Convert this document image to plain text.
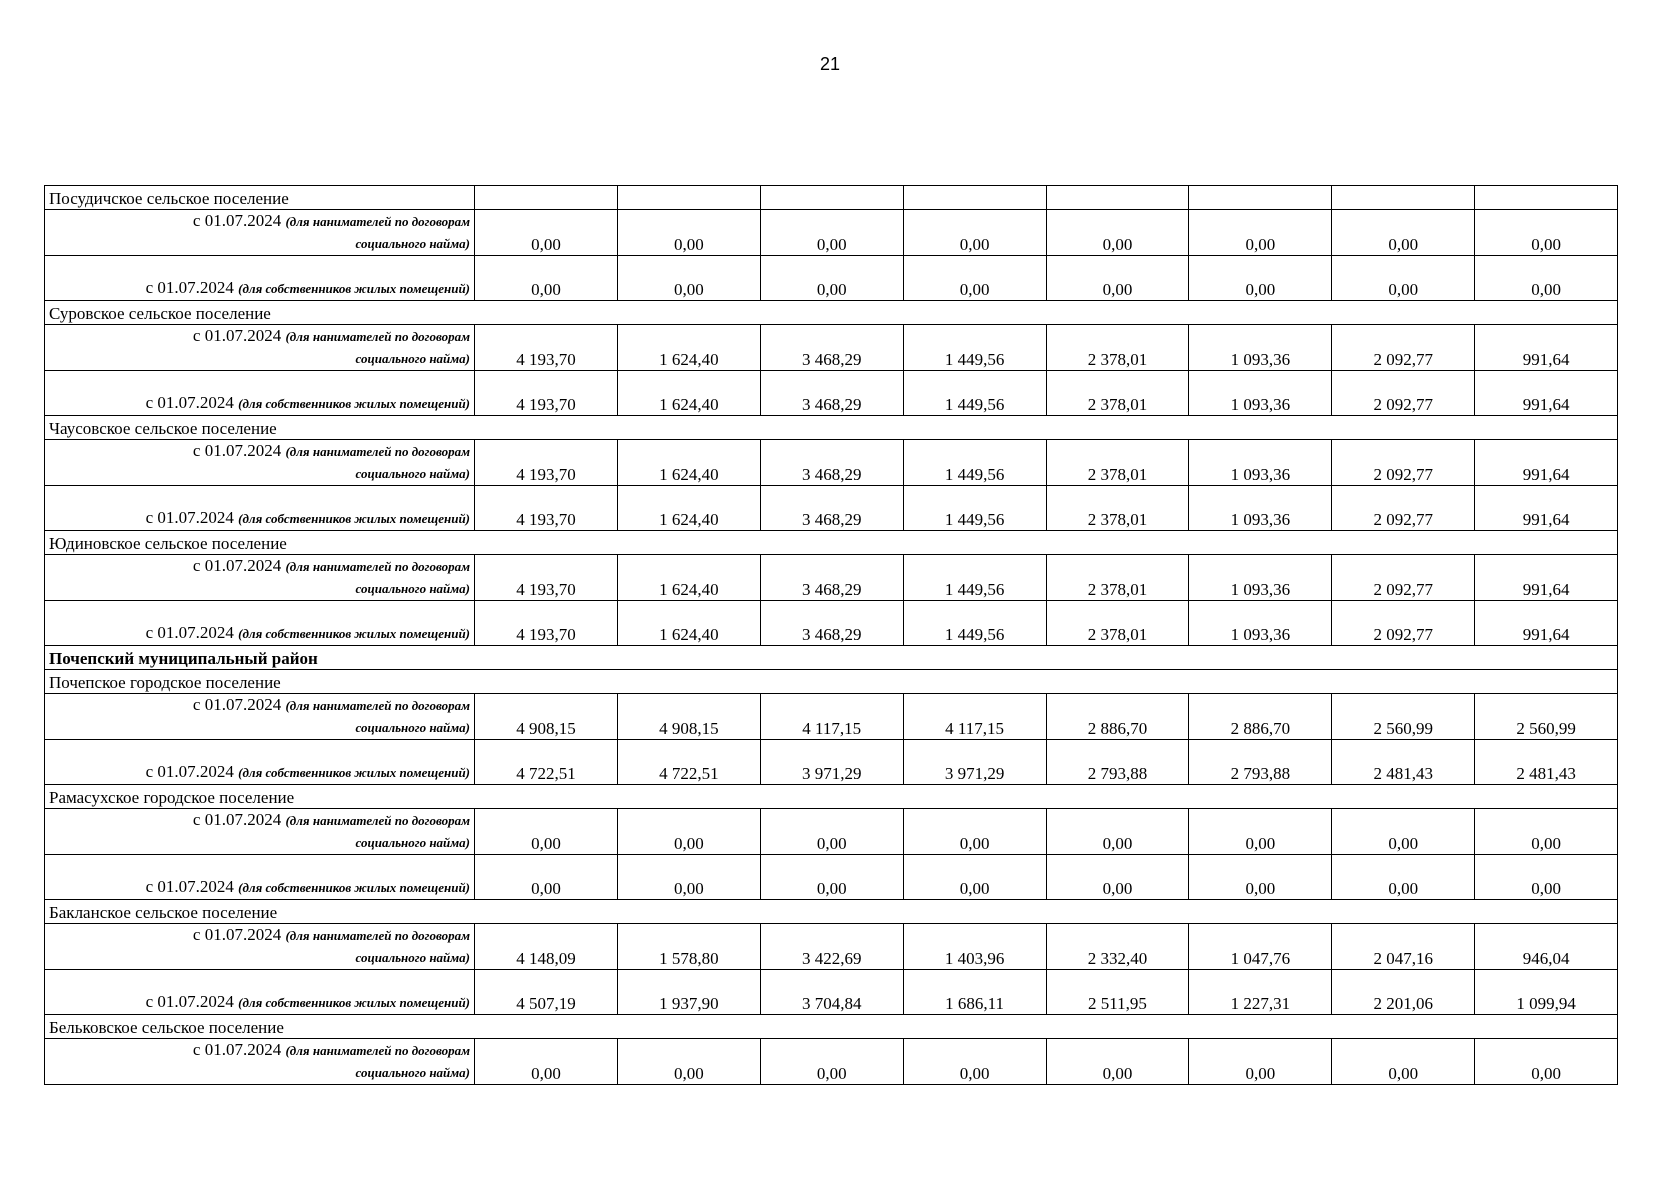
21
Посудичское сельское поселение								

с 01.07.2024 (для нанимателей по договорам
социального найма)	0,00	0,00	0,00	0,00	0,00	0,00	0,00	0,00
с 01.07.2024 (для собственников жилых помещений)	0,00	0,00	0,00	0,00	0,00	0,00	0,00	0,00
Суровское сельское поселение								

с 01.07.2024 (для нанимателей по договорам
социального найма)	4 193,70	1 624,40	3 468,29	1 449,56	2 378,01	1 093,36	2 092,77	991,64
с 01.07.2024 (для собственников жилых помещений)	4 193,70	1 624,40	3 468,29	1 449,56	2 378,01	1 093,36	2 092,77	991,64
Чаусовское сельское поселение								

с 01.07.2024 (для нанимателей по договорам
социального найма)	4 193,70	1 624,40	3 468,29	1 449,56	2 378,01	1 093,36	2 092,77	991,64
с 01.07.2024 (для собственников жилых помещений)	4 193,70	1 624,40	3 468,29	1 449,56	2 378,01	1 093,36	2 092,77	991,64
Юдиновское сельское поселение								

с 01.07.2024 (для нанимателей по договорам
социального найма)	4 193,70	1 624,40	3 468,29	1 449,56	2 378,01	1 093,36	2 092,77	991,64
с 01.07.2024 (для собственников жилых помещений)	4 193,70	1 624,40	3 468,29	1 449,56	2 378,01	1 093,36	2 092,77	991,64
Почепский муниципальный район								
Почепское городское поселение								

с 01.07.2024 (для нанимателей по договорам
социального найма)	4 908,15	4 908,15	4 117,15	4 117,15	2 886,70	2 886,70	2 560,99	2 560,99
с 01.07.2024 (для собственников жилых помещений)	4 722,51	4 722,51	3 971,29	3 971,29	2 793,88	2 793,88	2 481,43	2 481,43
Рамасухское городское поселение								

с 01.07.2024 (для нанимателей по договорам
социального найма)	0,00	0,00	0,00	0,00	0,00	0,00	0,00	0,00
с 01.07.2024 (для собственников жилых помещений)	0,00	0,00	0,00	0,00	0,00	0,00	0,00	0,00
Бакланское сельское поселение								

с 01.07.2024 (для нанимателей по договорам
социального найма)	4 148,09	1 578,80	3 422,69	1 403,96	2 332,40	1 047,76	2 047,16	946,04
с 01.07.2024 (для собственников жилых помещений)	4 507,19	1 937,90	3 704,84	1 686,11	2 511,95	1 227,31	2 201,06	1 099,94
Бельковское сельское поселение								

с 01.07.2024 (для нанимателей по договорам
социального найма)	0,00	0,00	0,00	0,00	0,00	0,00	0,00	0,00
